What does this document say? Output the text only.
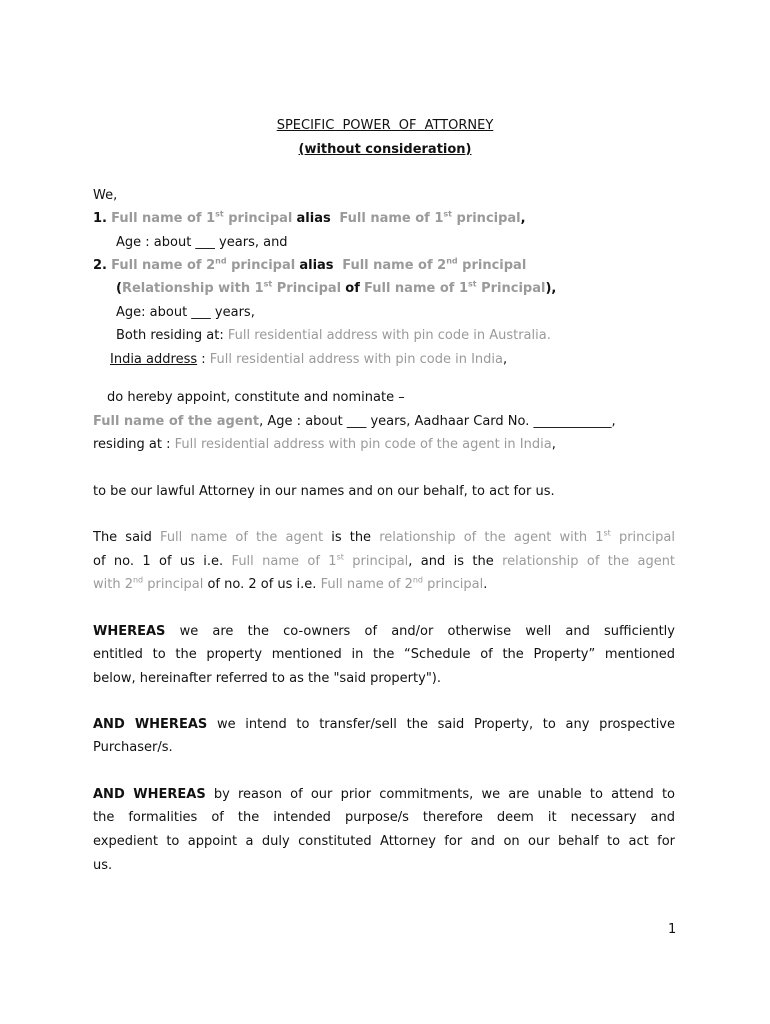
SPECIFIC POWER OF ATTORNEY
(without consideration)
We,
1. Full name of 1st principal alias Full name of 1st principal,
Age : about ___ years, and
2. Full name of 2nd principal alias Full name of 2nd principal
(Relationship with 1st Principal of Full name of 1st Principal),
Age: about ___ years,
Both residing at: Full residential address with pin code in Australia.
India address : Full residential address with pin code in India,
do hereby appoint, constitute and nominate –
Full name of the agent, Age : about ___ years, Aadhaar Card No. ____________,
residing at : Full residential address with pin code of the agent in India,
to be our lawful Attorney in our names and on our behalf, to act for us.
The said Full name of the agent is the relationship of the agent with 1st principal
of no. 1 of us i.e. Full name of 1st principal, and is the relationship of the agent
with 2nd principal of no. 2 of us i.e. Full name of 2nd principal.
WHEREAS we are the co-owners of and/or otherwise well and sufficiently
entitled to the property mentioned in the “Schedule of the Property” mentioned
below, hereinafter referred to as the "said property").
AND WHEREAS we intend to transfer/sell the said Property, to any prospective
Purchaser/s.
AND WHEREAS by reason of our prior commitments, we are unable to attend to
the formalities of the intended purpose/s therefore deem it necessary and
expedient to appoint a duly constituted Attorney for and on our behalf to act for
us.
1
